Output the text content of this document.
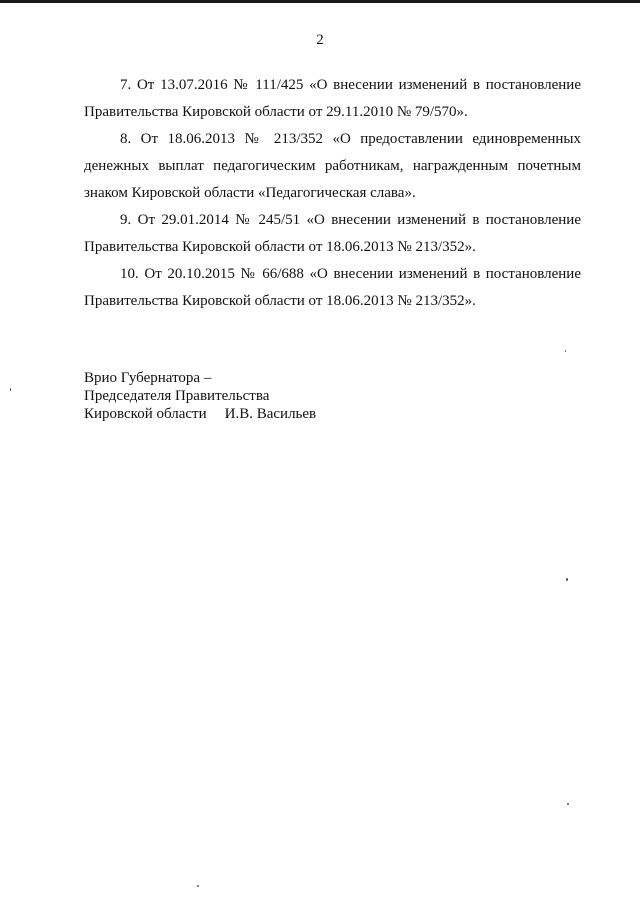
2

7. От 13.07.2016 № 111/425 «О внесении изменений в постановление Правительства Кировской области от 29.11.2010 № 79/570».

8. От 18.06.2013 № 213/352 «О предоставлении единовременных денежных выплат педагогическим работникам, награжденным почетным знаком Кировской области «Педагогическая слава».

9. От 29.01.2014 № 245/51 «О внесении изменений в постановление Правительства Кировской области от 18.06.2013 № 213/352».

10. От 20.10.2015 № 66/688 «О внесении изменений в постановление Правительства Кировской области от 18.06.2013 № 213/352».

Врио Губернатора –
Председателя Правительства
Кировской области И.В. Васильев
